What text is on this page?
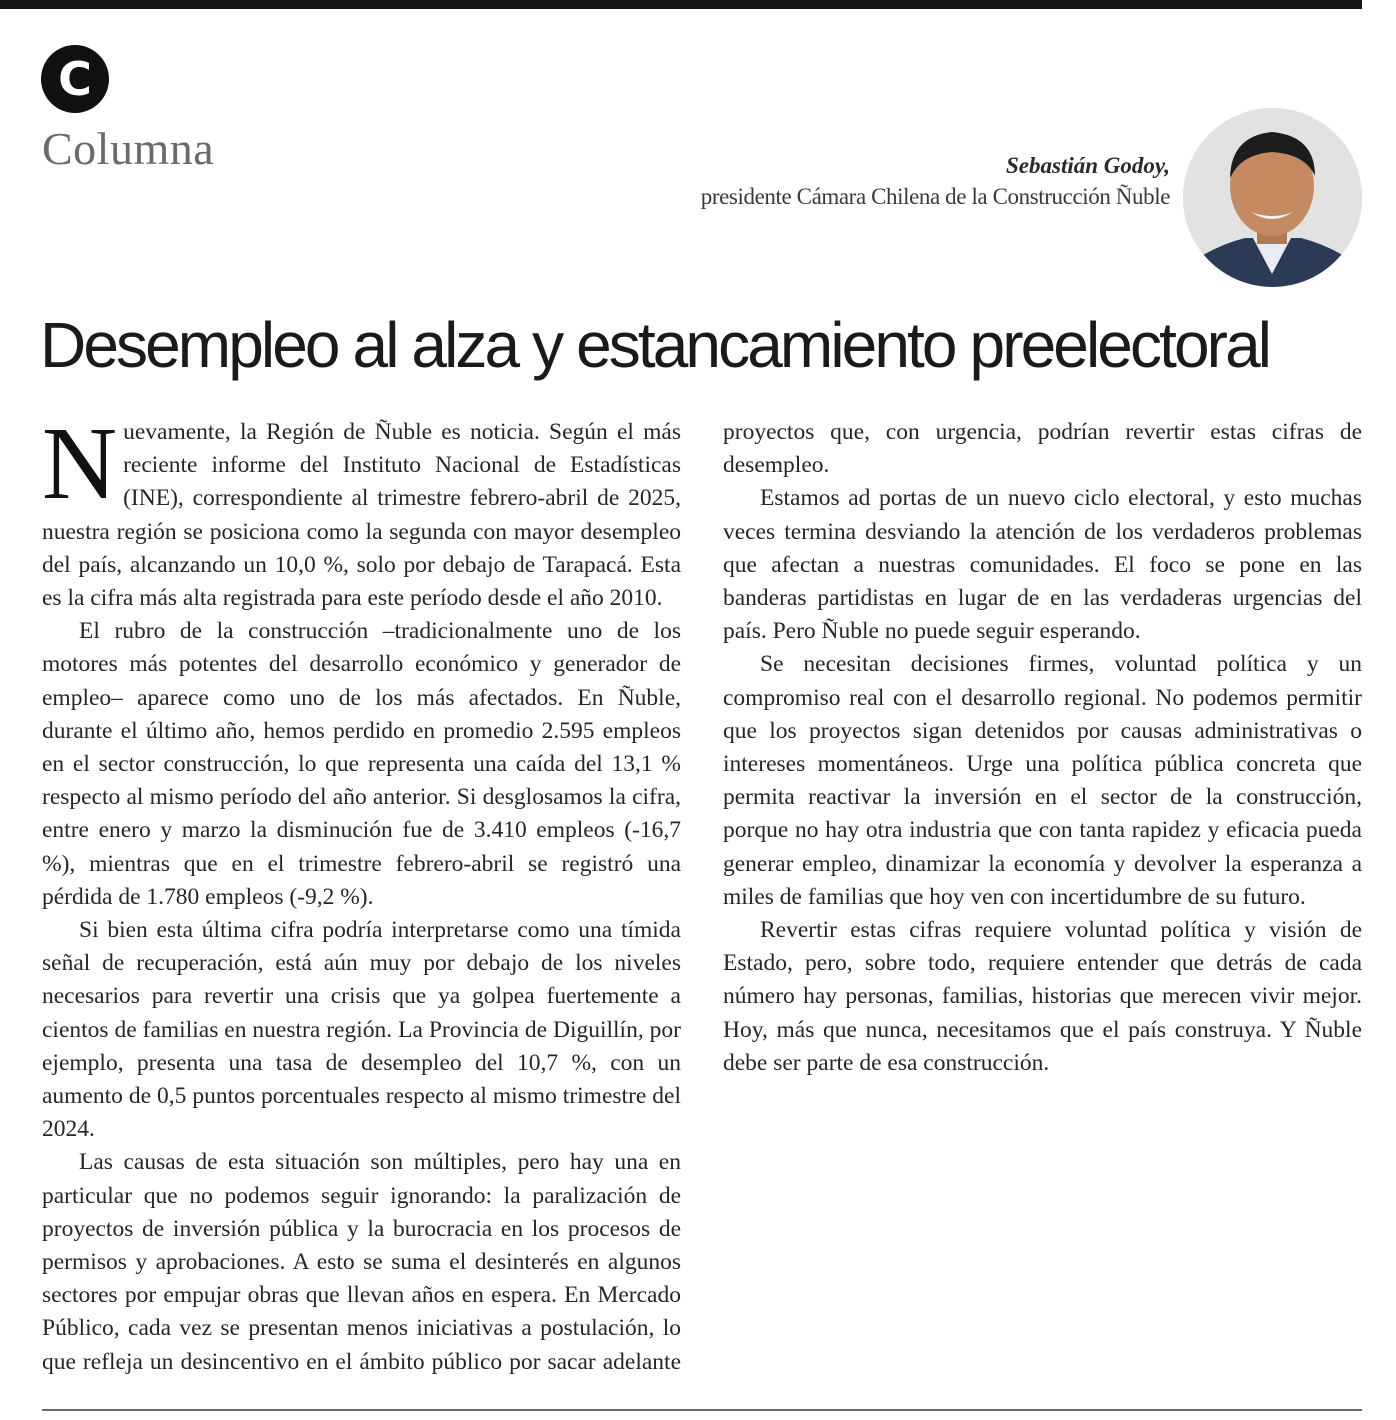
C
Columna	Sebastián Godoy,
presidente Cámara Chilena de la Construcción Ñuble
Desempleo al alza y estancamiento preelectoral

Nuevamente, la Región de Ñuble es noticia. Según el más reciente informe del Instituto Nacional de Estadísticas (INE), correspondiente al trimestre febrero-abril de 2025, nuestra región se posiciona como la segunda con mayor desempleo del país, alcanzando un 10,0 %, solo por debajo de Tarapacá. Esta es la cifra más alta registrada para este período desde el año 2010.

El rubro de la construcción –tradicionalmente uno de los motores más potentes del desarrollo económico y generador de empleo– aparece como uno de los más afectados. En Ñuble, durante el último año, hemos perdido en promedio 2.595 empleos en el sector construcción, lo que representa una caída del 13,1 % respecto al mismo período del año anterior. Si desglosamos la cifra, entre enero y marzo la disminución fue de 3.410 empleos (-16,7 %), mientras que en el trimestre febrero-abril se registró una pérdida de 1.780 empleos (-9,2 %).

Si bien esta última cifra podría interpretarse como una tímida señal de recuperación, está aún muy por debajo de los niveles necesarios para revertir una crisis que ya golpea fuertemente a cientos de familias en nuestra región. La Provincia de Diguillín, por ejemplo, presenta una tasa de desempleo del 10,7 %, con un aumento de 0,5 puntos porcentuales respecto al mismo trimestre del 2024.

Las causas de esta situación son múltiples, pero hay una en particular que no podemos seguir ignorando: la paralización de proyectos de inversión pública y la burocracia en los procesos de permisos y aprobaciones. A esto se suma el desinterés en algunos sectores por empujar obras que llevan años en espera. En Mercado Público, cada vez se presentan menos iniciativas a postulación, lo que refleja un desincentivo en el ámbito público por sacar adelante proyectos que, con urgencia, podrían revertir estas cifras de desempleo.

Estamos ad portas de un nuevo ciclo electoral, y esto muchas veces termina desviando la atención de los verdaderos problemas que afectan a nuestras comunidades. El foco se pone en las banderas partidistas en lugar de en las verdaderas urgencias del país. Pero Ñuble no puede seguir esperando.

Se necesitan decisiones firmes, voluntad política y un compromiso real con el desarrollo regional. No podemos permitir que los proyectos sigan detenidos por causas administrativas o intereses momentáneos. Urge una política pública concreta que permita reactivar la inversión en el sector de la construcción, porque no hay otra industria que con tanta rapidez y eficacia pueda generar empleo, dinamizar la economía y devolver la esperanza a miles de familias que hoy ven con incertidumbre de su futuro.

Revertir estas cifras requiere voluntad política y visión de Estado, pero, sobre todo, requiere entender que detrás de cada número hay personas, familias, historias que merecen vivir mejor. Hoy, más que nunca, necesitamos que el país construya. Y Ñuble debe ser parte de esa construcción.
